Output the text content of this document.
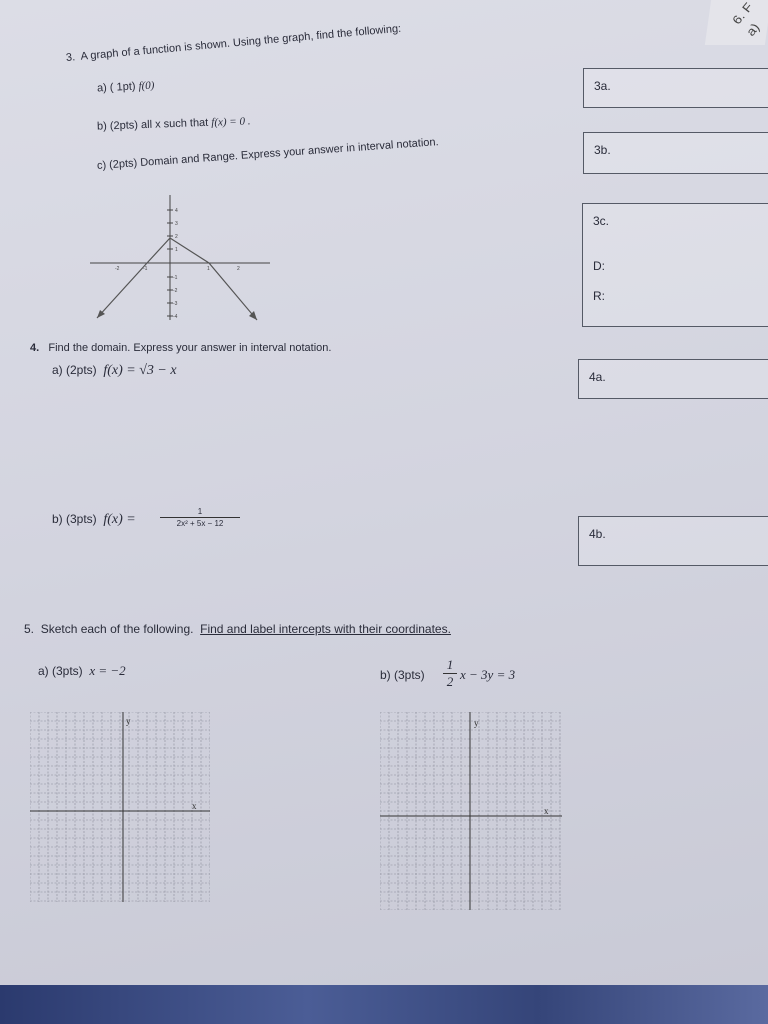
6. F
a)
3. A graph of a function is shown. Using the graph, find the following:
a) ( 1pt) f(0)
b) (2pts) all x such that f(x) = 0 .
c) (2pts) Domain and Range. Express your answer in interval notation.
3a.
3b.
3c.
D:
R:
4
3
2
1
-1
-2
-3
-4
-2	-1	1	2
4. Find the domain. Express your answer in interval notation.
a) (2pts) f(x) = √3 − x	4a.
b) (3pts) f(x) =	$\frac{1}{\text{2x² + 5x − 12}}$
4b.
5. Sketch each of the following. Find and label intercepts with their coordinates.
a) (3pts) x = −2	b) $(3pts) \frac{1}{2}$ x − 3y = 3
y
x
y
x
